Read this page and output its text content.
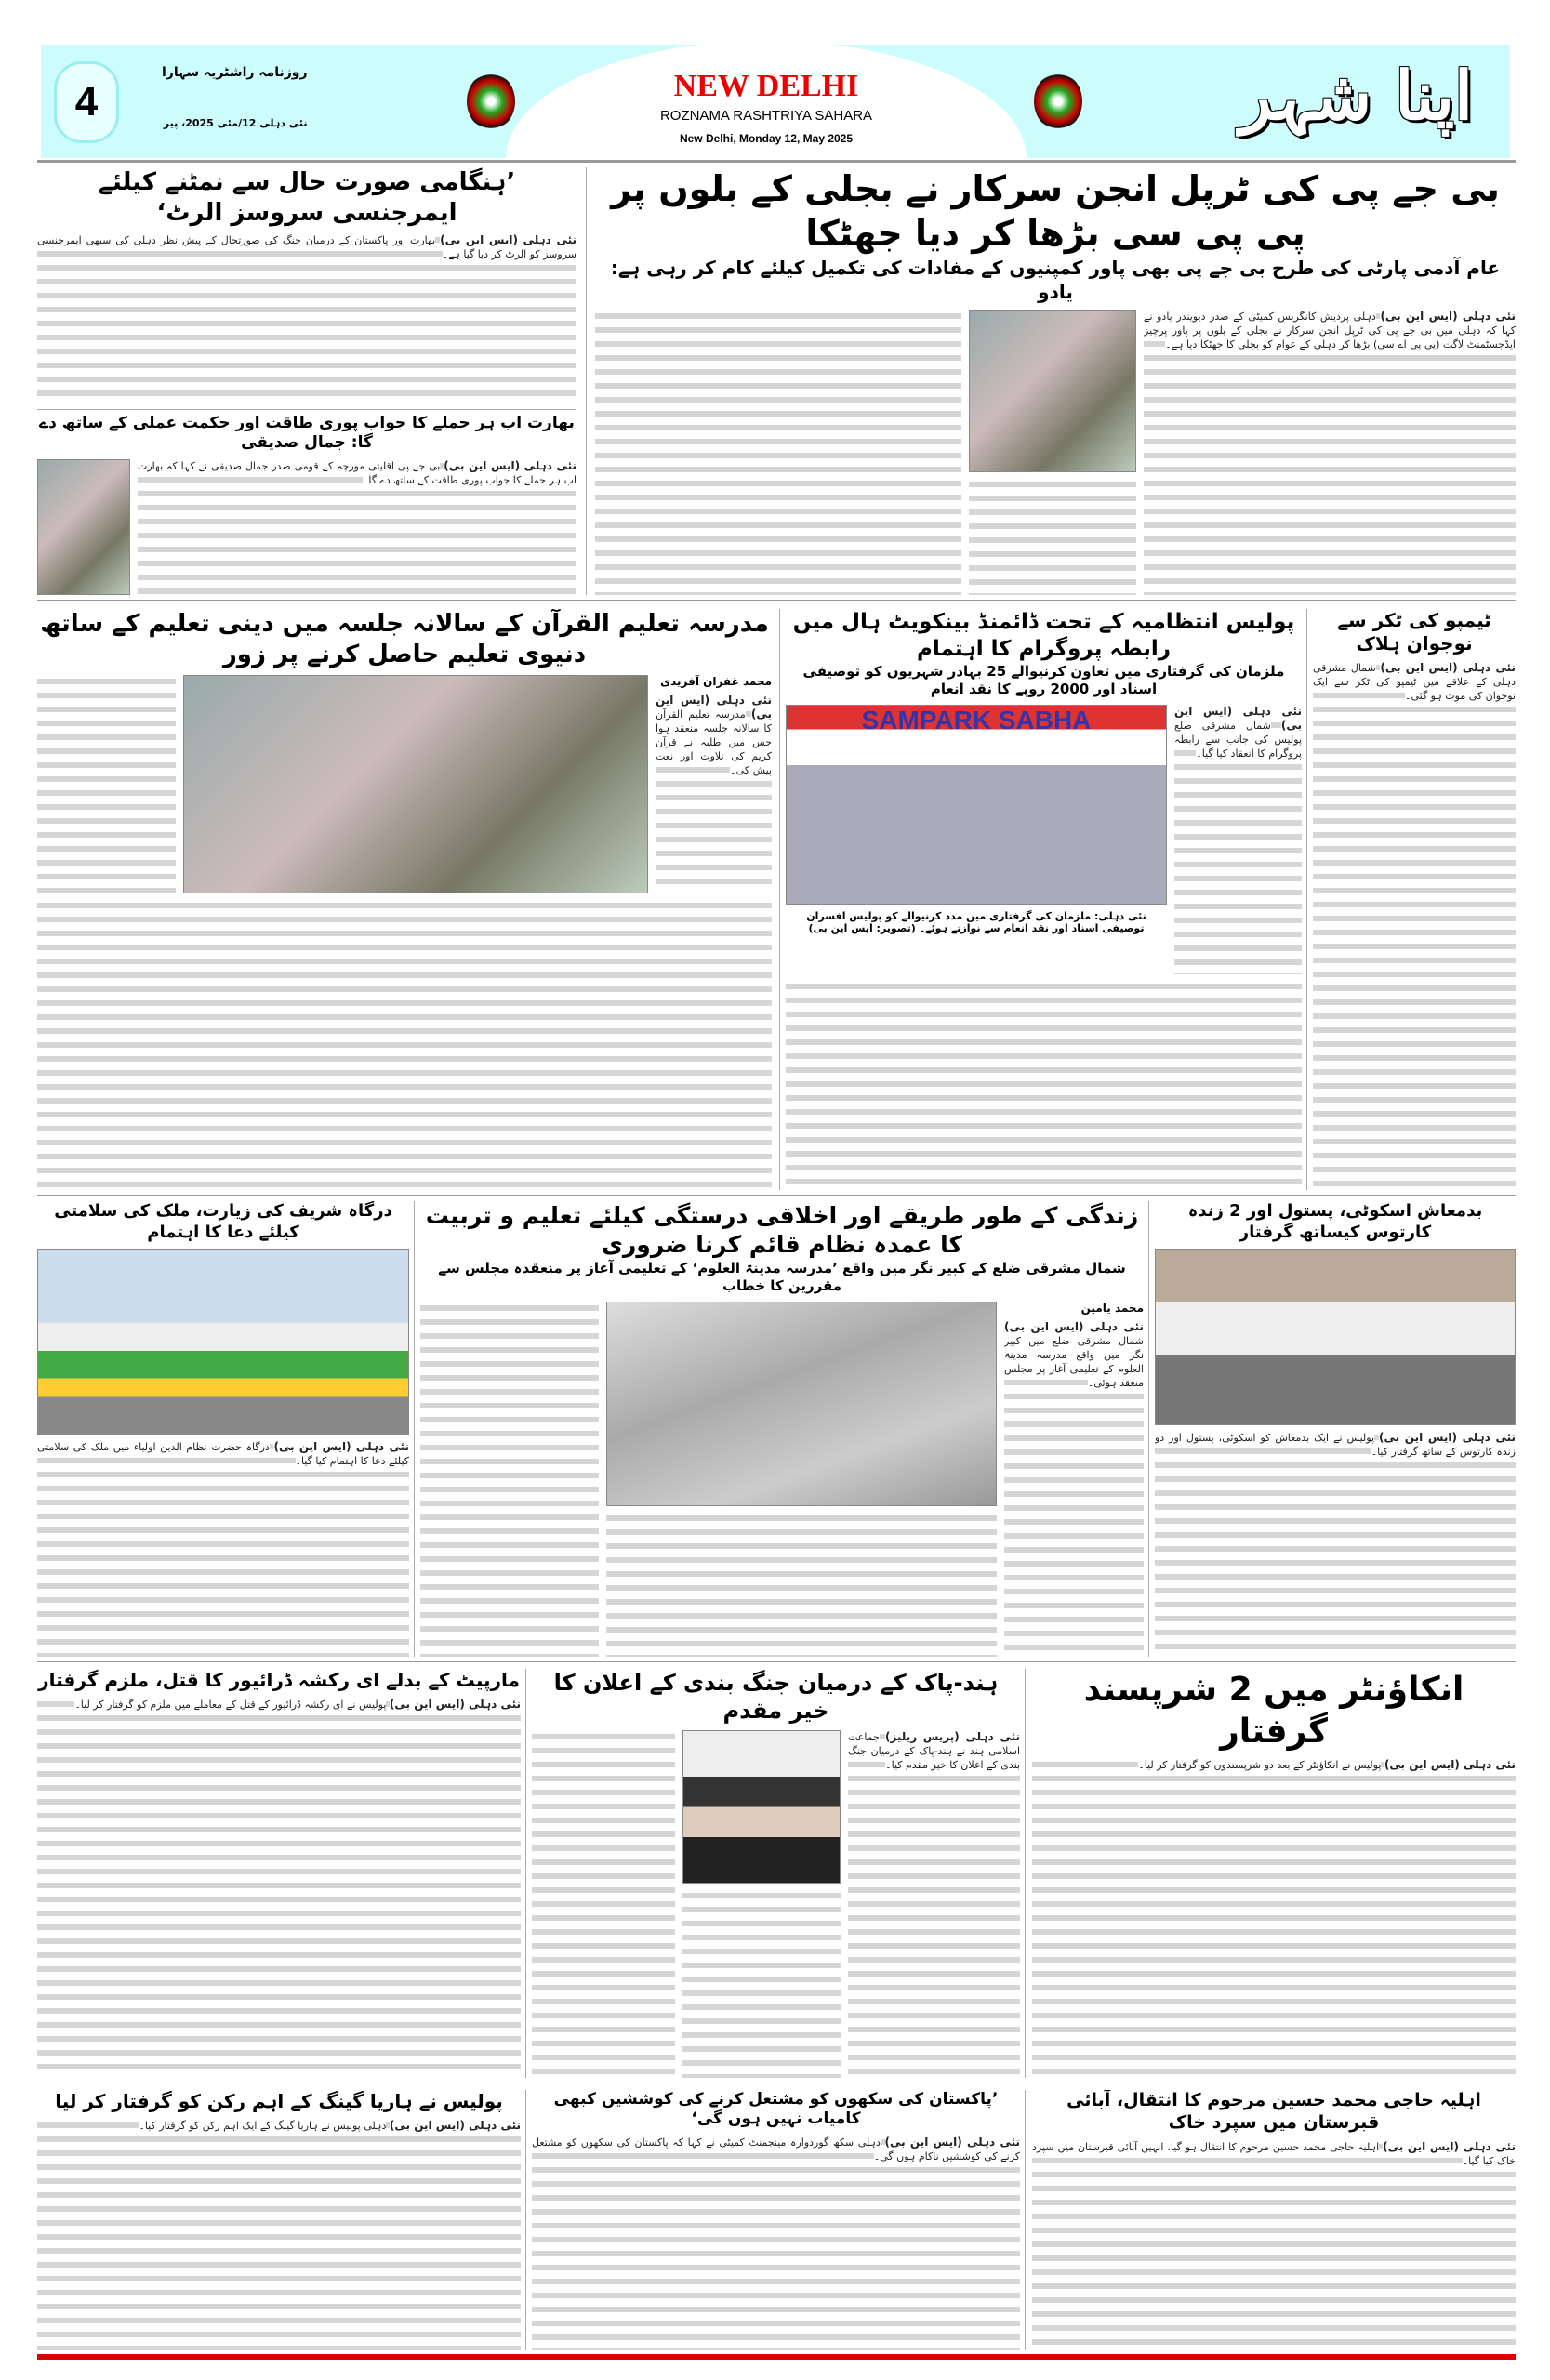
NEW DELHI
ROZNAMA RASHTRIYA SAHARA
New Delhi, Monday 12, May 2025
4
روزنامہ راشٹریہ سہارا
نئی دہلی 12/مئی 2025، پیر	اپنا شہر
بی جے پی کی ٹرپل انجن سرکار نے بجلی کے بلوں پر پی پی سی بڑھا کر دیا جھٹکا
عام آدمی پارٹی کی طرح بی جے پی بھی پاور کمپنیوں کے مفادات کی تکمیل کیلئے کام کر رہی ہے: یادو
نئی دہلی (ایس این بی) دہلی پردیش کانگریس کمیٹی کے صدر دیویندر یادو نے کہا کہ دہلی میں بی جے پی کی ٹرپل انجن سرکار نے بجلی کے بلوں پر پاور پرچیز ایڈجسٹمنٹ لاگت (پی پی اے سی) بڑھا کر دہلی کے عوام کو بجلی کا جھٹکا دیا ہے۔
’ہنگامی صورت حال سے نمٹنے کیلئے ایمرجنسی سروسز الرٹ‘
نئی دہلی (ایس این بی) بھارت اور پاکستان کے درمیان جنگ کی صورتحال کے پیش نظر دہلی کی سبھی ایمرجنسی سروسز کو الرٹ کر دیا گیا ہے۔
بھارت اب ہر حملے کا جواب پوری طاقت اور حکمت عملی کے ساتھ دے گا: جمال صدیقی
نئی دہلی (ایس این بی) بی جے پی اقلیتی مورچہ کے قومی صدر جمال صدیقی نے کہا کہ بھارت اب ہر حملے کا جواب پوری طاقت کے ساتھ دے گا۔
مدرسہ تعلیم القرآن کے سالانہ جلسہ میں دینی تعلیم کے ساتھ دنیوی تعلیم حاصل کرنے پر زور
محمد غفران آفریدی
نئی دہلی (ایس این بی) مدرسہ تعلیم القرآن کا سالانہ جلسہ منعقد ہوا جس میں طلبہ نے قرآن کریم کی تلاوت اور نعت پیش کی۔
پولیس انتظامیہ کے تحت ڈائمنڈ بینکویٹ ہال میں رابطہ پروگرام کا اہتمام
ملزمان کی گرفتاری میں تعاون کرنیوالے 25 بہادر شہریوں کو توصیفی اسناد اور 2000 روپے کا نقد انعام
نئی دہلی (ایس این بی) شمال مشرقی ضلع پولیس کی جانب سے رابطہ پروگرام کا انعقاد کیا گیا۔
SAMPARK SABHA
نئی دہلی: ملزمان کی گرفتاری میں مدد کرنیوالے کو پولیس افسران توصیفی اسناد اور نقد انعام سے نوازتے ہوئے۔ (تصویر: ایس این بی)
ٹیمپو کی ٹکر سے نوجوان ہلاک
نئی دہلی (ایس این بی) شمال مشرقی دہلی کے علاقے میں ٹیمپو کی ٹکر سے ایک نوجوان کی موت ہو گئی۔
درگاہ شریف کی زیارت، ملک کی سلامتی کیلئے دعا کا اہتمام
نئی دہلی (ایس این بی) درگاہ حضرت نظام الدین اولیاء میں ملک کی سلامتی کیلئے دعا کا اہتمام کیا گیا۔
زندگی کے طور طریقے اور اخلاقی درستگی کیلئے تعلیم و تربیت کا عمدہ نظام قائم کرنا ضروری
شمال مشرقی ضلع کے کبیر نگر میں واقع ’مدرسہ مدینۃ العلوم‘ کے تعلیمی آغاز پر منعقدہ مجلس سے مقررین کا خطاب
محمد یامین
نئی دہلی (ایس این بی) شمال مشرقی ضلع میں کبیر نگر میں واقع مدرسہ مدینۃ العلوم کے تعلیمی آغاز پر مجلس منعقد ہوئی۔
بدمعاش اسکوٹی، پستول اور 2 زندہ کارتوس کیساتھ گرفتار
نئی دہلی (ایس این بی) پولیس نے ایک بدمعاش کو اسکوٹی، پستول اور دو زندہ کارتوس کے ساتھ گرفتار کیا۔
مارپیٹ کے بدلے ای رکشہ ڈرائیور کا قتل، ملزم گرفتار
نئی دہلی (ایس این بی) پولیس نے ای رکشہ ڈرائیور کے قتل کے معاملے میں ملزم کو گرفتار کر لیا۔
ہند-پاک کے درمیان جنگ بندی کے اعلان کا خیر مقدم
نئی دہلی (پریس ریلیز) جماعت اسلامی ہند نے ہند-پاک کے درمیان جنگ بندی کے اعلان کا خیر مقدم کیا۔
انکاؤنٹر میں 2 شرپسند گرفتار
نئی دہلی (ایس این بی) پولیس نے انکاؤنٹر کے بعد دو شرپسندوں کو گرفتار کر لیا۔
پولیس نے ہاریا گینگ کے اہم رکن کو گرفتار کر لیا
نئی دہلی (ایس این بی) دہلی پولیس نے ہاریا گینگ کے ایک اہم رکن کو گرفتار کیا۔
’پاکستان کی سکھوں کو مشتعل کرنے کی کوششیں کبھی کامیاب نہیں ہوں گی‘
نئی دہلی (ایس این بی) دہلی سکھ گوردوارہ مینجمنٹ کمیٹی نے کہا کہ پاکستان کی سکھوں کو مشتعل کرنے کی کوششیں ناکام ہوں گی۔
اہلیہ حاجی محمد حسین مرحوم کا انتقال، آبائی قبرستان میں سپرد خاک
نئی دہلی (ایس این بی) اہلیہ حاجی محمد حسین مرحوم کا انتقال ہو گیا، انہیں آبائی قبرستان میں سپرد خاک کیا گیا۔
